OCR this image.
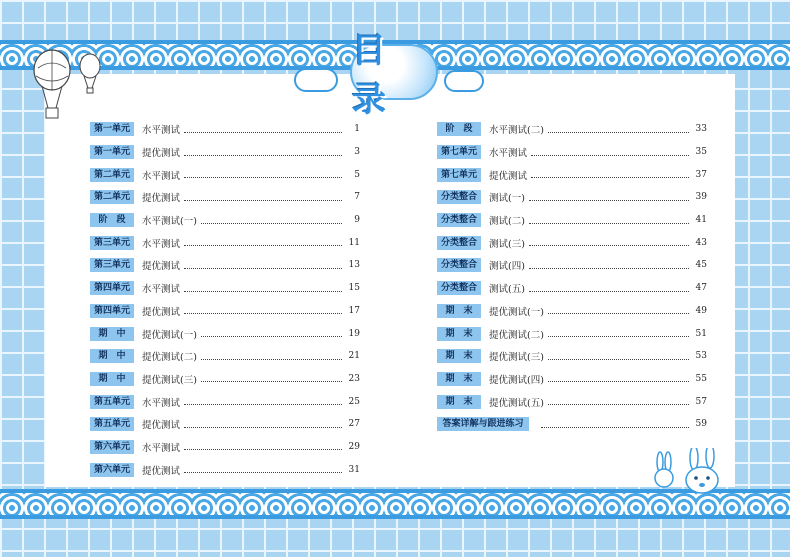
目录
第一单元	水平测试	1
第一单元	提优测试	3
第二单元	水平测试	5
第二单元	提优测试	7
阶　段	水平测试(一)	9
第三单元	水平测试	11
第三单元	提优测试	13
第四单元	水平测试	15
第四单元	提优测试	17
期　中	提优测试(一)	19
期　中	提优测试(二)	21
期　中	提优测试(三)	23
第五单元	水平测试	25
第五单元	提优测试	27
第六单元	水平测试	29
第六单元	提优测试	31
阶　段	水平测试(二)	33
第七单元	水平测试	35
第七单元	提优测试	37
分类整合	测试(一)	39
分类整合	测试(二)	41
分类整合	测试(三)	43
分类整合	测试(四)	45
分类整合	测试(五)	47
期　末	提优测试(一)	49
期　末	提优测试(二)	51
期　末	提优测试(三)	53
期　末	提优测试(四)	55
期　末	提优测试(五)	57
答案详解与跟进练习	59
